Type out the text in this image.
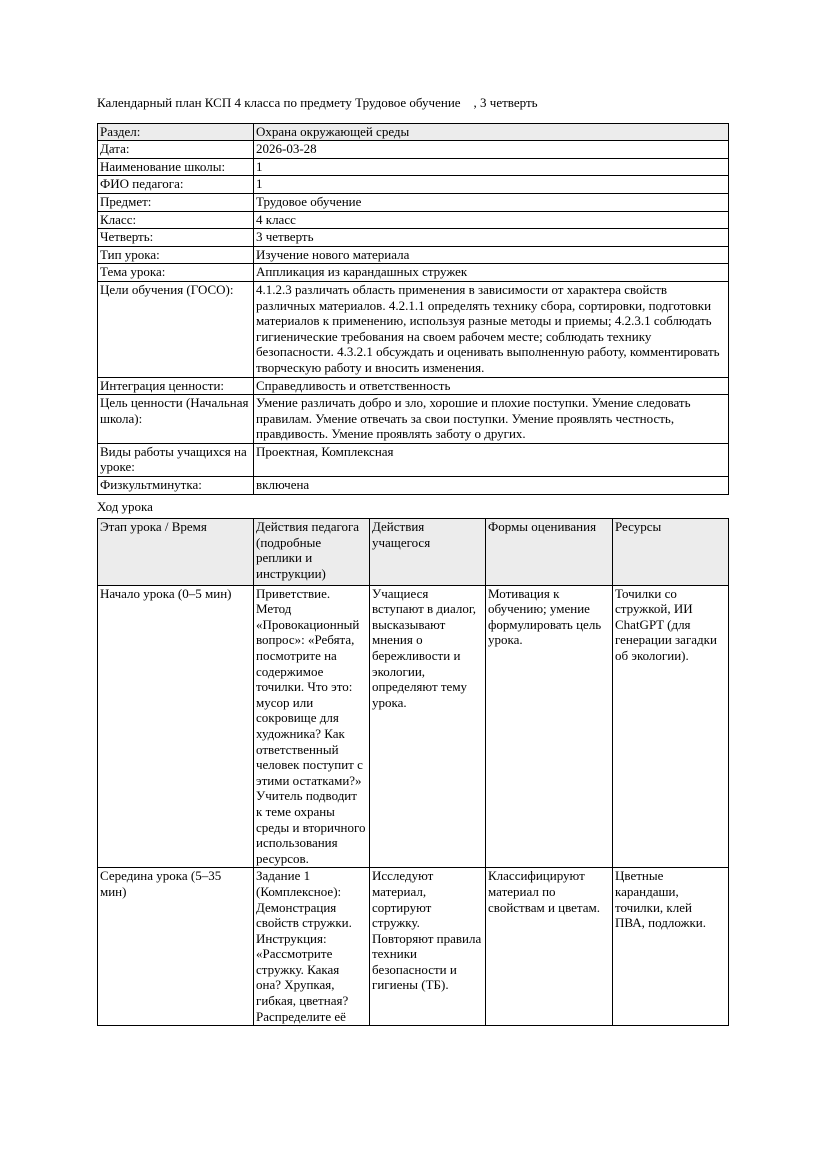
Календарный план КСП 4 класса по предмету Трудовое обучение    , 3 четверть

Раздел:	Охрана окружающей среды
Дата:	2026-03-28
Наименование школы:	1
ФИО педагога:	1
Предмет:	Трудовое обучение
Класс:	4 класс
Четверть:	3 четверть
Тип урока:	Изучение нового материала
Тема урока:	Аппликация из карандашных стружек
Цели обучения (ГОСО):	4.1.2.3 различать область применения в зависимости от характера свойств различных материалов. 4.2.1.1 определять технику сбора, сортировки, подготовки материалов к применению, используя разные методы и приемы; 4.2.3.1 соблюдать гигиенические требования на своем рабочем месте; соблюдать технику безопасности. 4.3.2.1 обсуждать и оценивать выполненную работу, комментировать творческую работу и вносить изменения.
Интеграция ценности:	Справедливость и ответственность
Цель ценности (Начальная школа):	Умение различать добро и зло, хорошие и плохие поступки. Умение следовать правилам. Умение отвечать за свои поступки. Умение проявлять честность, правдивость. Умение проявлять заботу о других.
Виды работы учащихся на уроке:	Проектная, Комплексная
Физкультминутка:	включена

Ход урока

Этап урока / Время	Действия педагога (подробные реплики и инструкции)	Действия учащегося	Формы оценивания	Ресурсы
Начало урока (0–5 мин)	Приветствие. Метод «Провокационный вопрос»: «Ребята, посмотрите на содержимое точилки. Что это: мусор или сокровище для художника? Как ответственный человек поступит с этими остатками?» Учитель подводит к теме охраны среды и вторичного использования ресурсов.	Учащиеся вступают в диалог, высказывают мнения о бережливости и экологии, определяют тему урока.	Мотивация к обучению; умение формулировать цель урока.	Точилки со стружкой, ИИ ChatGPT (для генерации загадки об экологии).
Середина урока (5–35 мин)	Задание 1 (Комплексное): Демонстрация свойств стружки. Инструкция: «Рассмотрите стружку. Какая она? Хрупкая, гибкая, цветная? Распределите её	Исследуют материал, сортируют стружку. Повторяют правила техники безопасности и гигиены (ТБ).	Классифицируют материал по свойствам и цветам.	Цветные карандаши, точилки, клей ПВА, подложки.
